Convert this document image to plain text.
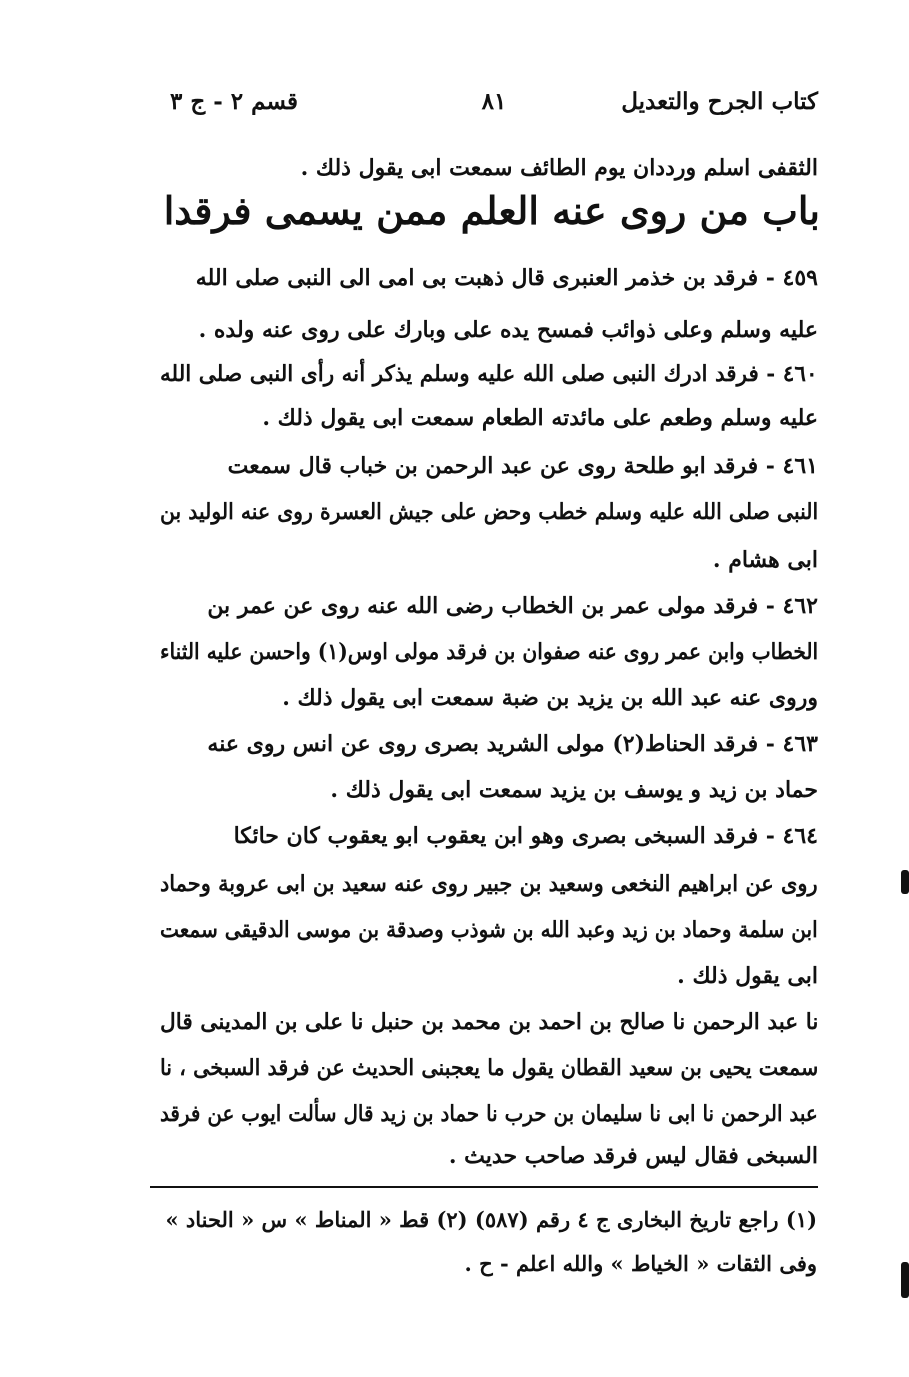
كتاب الجرح والتعديل
٨١
قسم ٢ - ج ٣
الثقفى اسلم ورددان يوم الطائف سمعت ابى يقول ذلك .
باب من روى عنه العلم ممن يسمى فرقدا
٤٥٩ - فرقد بن خذمر العنبرى قال ذهبت بى امى الى النبى صلى الله
عليه وسلم وعلى ذوائب فمسح يده على وبارك على روى عنه ولده .
٤٦٠ - فرقد ادرك النبى صلى الله عليه وسلم يذكر أنه رأى النبى صلى الله
عليه وسلم وطعم على مائدته الطعام سمعت ابى يقول ذلك .
٤٦١ - فرقد ابو طلحة روى عن عبد الرحمن بن خباب قال سمعت
النبى صلى الله عليه وسلم خطب وحض على جيش العسرة روى عنه الوليد بن
ابى هشام .
٤٦٢ - فرقد مولى عمر بن الخطاب رضى الله عنه روى عن عمر بن
الخطاب وابن عمر روى عنه صفوان بن فرقد مولى اوس(١) واحسن عليه الثناء
وروى عنه عبد الله بن يزيد بن ضبة سمعت ابى يقول ذلك .
٤٦٣ - فرقد الحناط(٢) مولى الشريد بصرى روى عن انس روى عنه
حماد بن زيد و يوسف بن يزيد سمعت ابى يقول ذلك .
٤٦٤ - فرقد السبخى بصرى وهو ابن يعقوب ابو يعقوب كان حائكا
روى عن ابراهيم النخعى وسعيد بن جبير روى عنه سعيد بن ابى عروبة وحماد
ابن سلمة وحماد بن زيد وعبد الله بن شوذب وصدقة بن موسى الدقيقى سمعت
ابى يقول ذلك .
نا عبد الرحمن نا صالح بن احمد بن محمد بن حنبل نا على بن المدينى قال
سمعت يحيى بن سعيد القطان يقول ما يعجبنى الحديث عن فرقد السبخى ، نا
عبد الرحمن نا ابى نا سليمان بن حرب نا حماد بن زيد قال سألت ايوب عن فرقد
السبخى فقال ليس فرقد صاحب حديث .
(١) راجع تاريخ البخارى ج ٤ رقم (٥٨٧) (٢) قط « المناط » س « الحناد »
وفى الثقات « الخياط » والله اعلم - ح .
